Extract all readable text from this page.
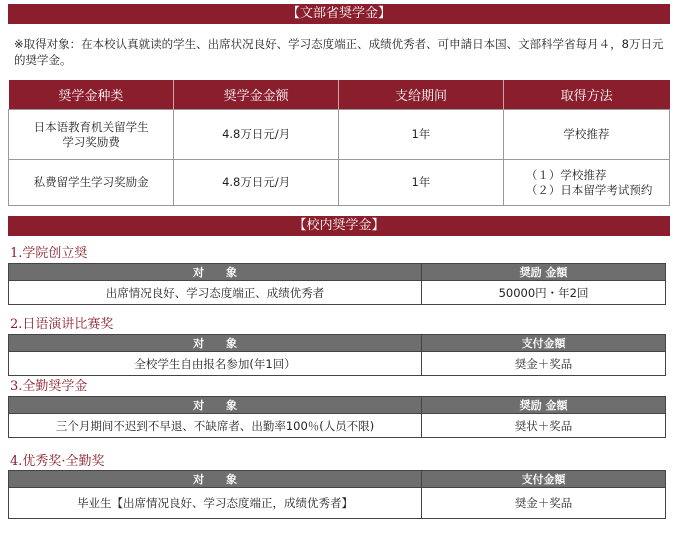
【文部省奨学金】
※取得对象：在本校认真就读的学生、出席状况良好、学习态度端正、成绩优秀者、可申請日本国、文部科学省每月４，8万日元的奨学金。
奨学金种类	奨学金金额	支给期间	取得方法
日本语教育机关留学生
学习奖励费	4.8万日元/月	1年	学校推荐
私费留学生学习奖励金	4.8万日元/月	1年	（１）学校推荐
（２）日本留学考试预约
【校内奨学金】
1.学院创立奨
对　　象	奨励 金額
出席情况良好、学习态度端正、成绩优秀者	50000円・年2回
2.日语演讲比赛奖
对　　象	支付金額
全校学生自由报名参加(年1回）	奨金＋奖品
3.全勤奨学金
对　　象	奨励 金額
三个月期间不迟到不早退、不缺席者、出勤率100％(人员不限)	奨状＋奖品
4.优秀奖·全勤奖
对　　象	支付金額
毕业生【出席情况良好、学习态度端正，成绩优秀者】	奨金＋奖品
